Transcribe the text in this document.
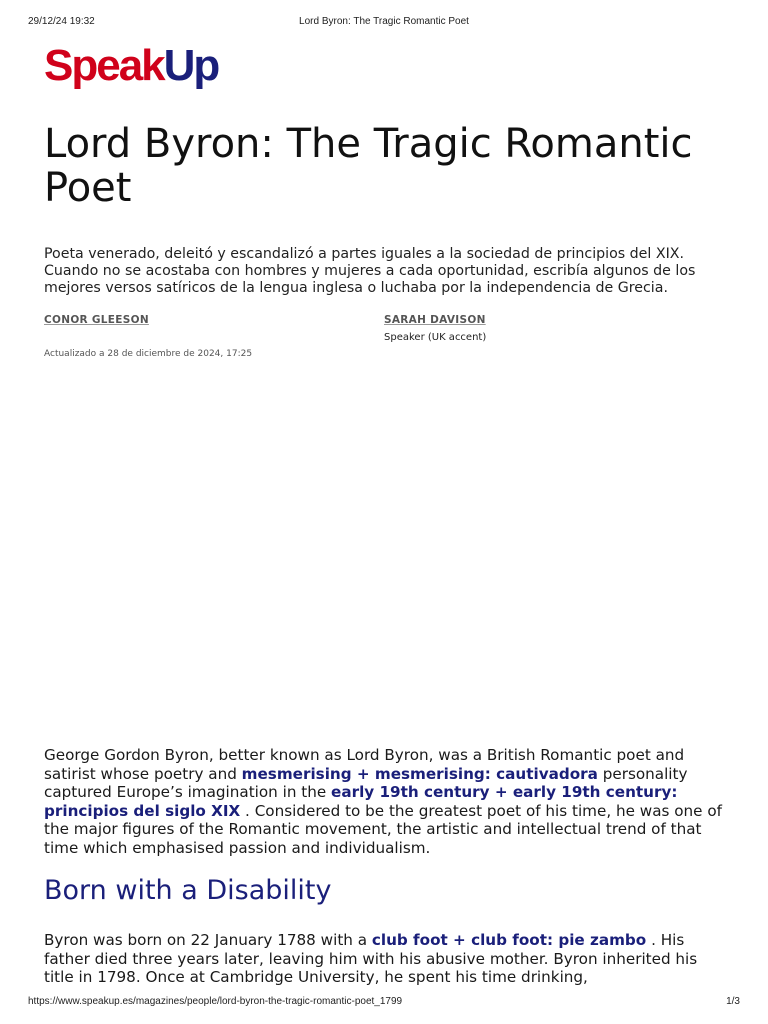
29/12/24 19:32	Lord Byron: The Tragic Romantic Poet
SpeakUp
Lord Byron: The Tragic Romantic Poet

Poeta venerado, deleitó y escandalizó a partes iguales a la sociedad de principios del XIX. Cuando no se acostaba con hombres y mujeres a cada oportunidad, escribía algunos de los mejores versos satíricos de la lengua inglesa o luchaba por la independencia de Grecia.

CONOR GLEESON	SARAH DAVISON
Speaker (UK accent)
Actualizado a 28 de diciembre de 2024, 17:25

George Gordon Byron, better known as Lord Byron, was a British Romantic poet and satirist whose poetry and mesmerising + mesmerising: cautivadora personality captured Europe’s imagination in the early 19th century + early 19th century: principios del siglo XIX . Considered to be the greatest poet of his time, he was one of the major figures of the Romantic movement, the artistic and intellectual trend of that time which emphasised passion and individualism.

Born with a Disability

Byron was born on 22 January 1788 with a club foot + club foot: pie zambo . His father died three years later, leaving him with his abusive mother. Byron inherited his title in 1798. Once at Cambridge University, he spent his time drinking,

https://www.speakup.es/magazines/people/lord-byron-the-tragic-romantic-poet_1799	1/3
